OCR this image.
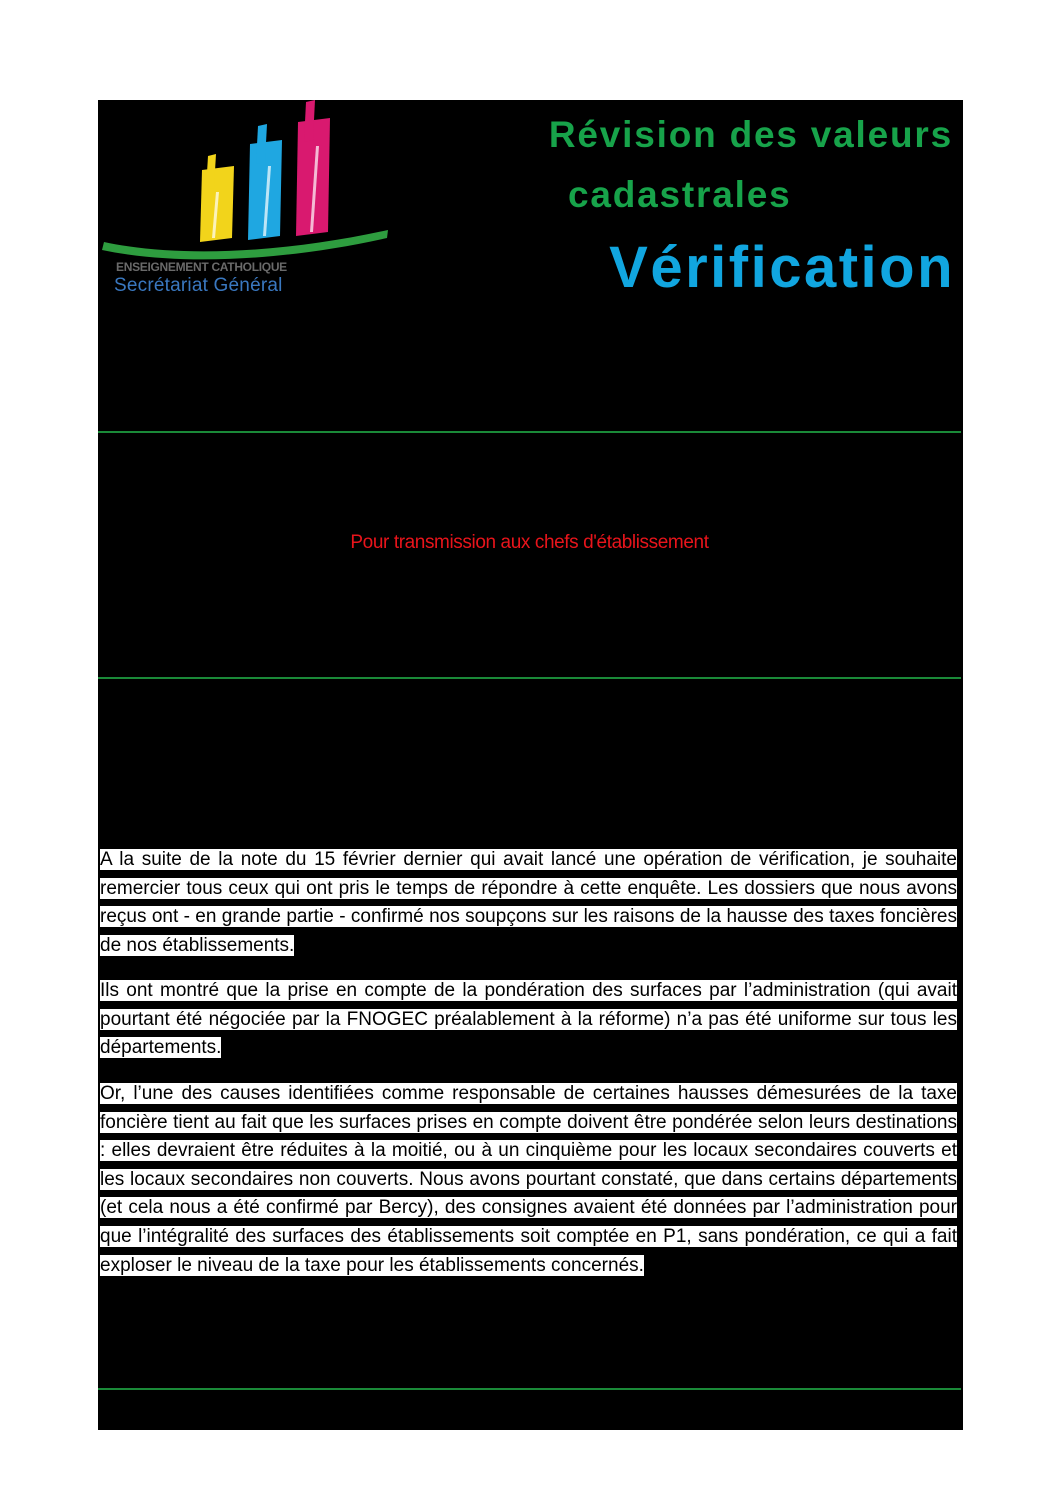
ENSEIGNEMENT CATHOLIQUE
Secrétariat Général
Révision des valeurs
cadastrales
Vérification
Pour transmission aux chefs d'établissement

A la suite de la note du 15 février dernier qui avait lancé une opération de vérification, je souhaite remercier tous ceux qui ont pris le temps de répondre à cette enquête. Les dossiers que nous avons reçus ont - en grande partie - confirmé nos soupçons sur les raisons de la hausse des taxes foncières de nos établissements.

Ils ont montré que la prise en compte de la pondération des surfaces par l’administration (qui avait pourtant été négociée par la FNOGEC préalablement à la réforme) n’a pas été uniforme sur tous les départements.

Or, l’une des causes identifiées comme responsable de certaines hausses démesurées de la taxe foncière tient au fait que les surfaces prises en compte doivent être pondérée selon leurs destinations : elles devraient être réduites à la moitié, ou à un cinquième pour les locaux secondaires couverts et les locaux secondaires non couverts. Nous avons pourtant constaté, que dans certains départements (et cela nous a été confirmé par Bercy), des consignes avaient été données par l’administration pour que l’intégralité des surfaces des établissements soit comptée en P1, sans pondération, ce qui a fait exploser le niveau de la taxe pour les établissements concernés.
